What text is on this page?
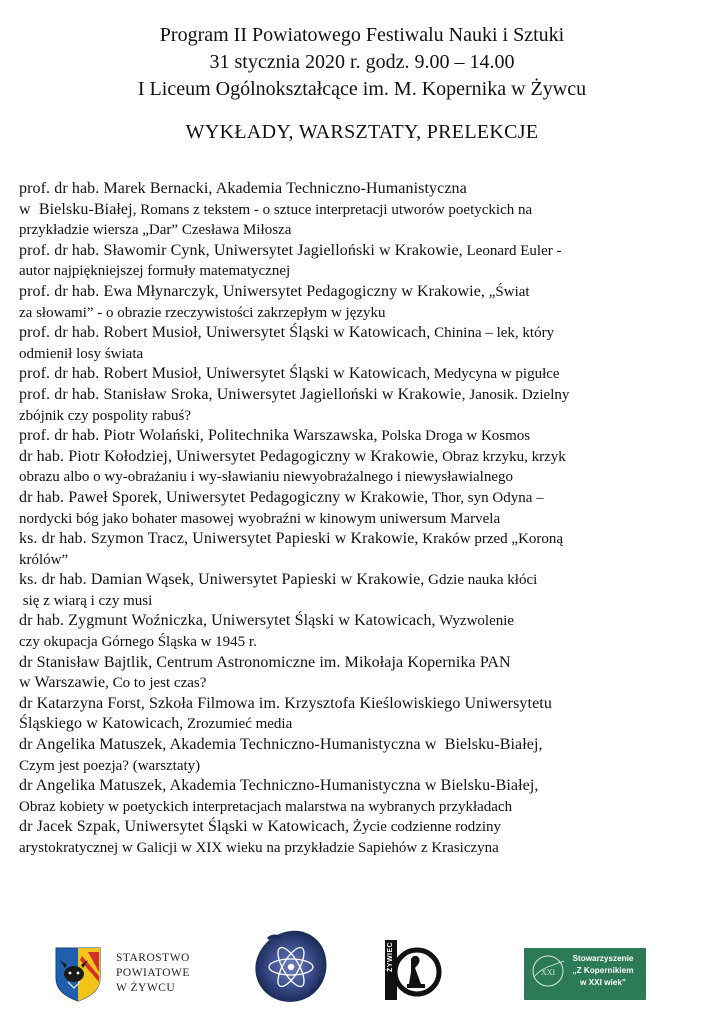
Program II Powiatowego Festiwalu Nauki i Sztuki
31 stycznia 2020 r. godz. 9.00 – 14.00
I Liceum Ogólnokształcące im. M. Kopernika w Żywcu
WYKŁADY, WARSZTATY, PRELEKCJE
prof. dr hab. Marek Bernacki, Akademia Techniczno-Humanistyczna
w  Bielsku-Białej, Romans z tekstem - o sztuce interpretacji utworów poetyckich na
przykładzie wiersza „Dar” Czesława Miłosza
prof. dr hab. Sławomir Cynk, Uniwersytet Jagielloński w Krakowie, Leonard Euler -
autor najpiękniejszej formuły matematycznej
prof. dr hab. Ewa Młynarczyk, Uniwersytet Pedagogiczny w Krakowie, „Świat
za słowami” - o obrazie rzeczywistości zakrzepłym w języku
prof. dr hab. Robert Musioł, Uniwersytet Śląski w Katowicach, Chinina – lek, który
odmienił losy świata
prof. dr hab. Robert Musioł, Uniwersytet Śląski w Katowicach, Medycyna w pigułce
prof. dr hab. Stanisław Sroka, Uniwersytet Jagielloński w Krakowie, Janosik. Dzielny
zbójnik czy pospolity rabuś?
prof. dr hab. Piotr Wolański, Politechnika Warszawska, Polska Droga w Kosmos
dr hab. Piotr Kołodziej, Uniwersytet Pedagogiczny w Krakowie, Obraz krzyku, krzyk
obrazu albo o wy-obrażaniu i wy-sławianiu niewyobrażalnego i niewysławialnego
dr hab. Paweł Sporek, Uniwersytet Pedagogiczny w Krakowie, Thor, syn Odyna –
nordycki bóg jako bohater masowej wyobraźni w kinowym uniwersum Marvela
ks. dr hab. Szymon Tracz, Uniwersytet Papieski w Krakowie, Kraków przed „Koroną
królów”
ks. dr hab. Damian Wąsek, Uniwersytet Papieski w Krakowie, Gdzie nauka kłóci
się z wiarą i czy musi
dr hab. Zygmunt Woźniczka, Uniwersytet Śląski w Katowicach, Wyzwolenie
czy okupacja Górnego Śląska w 1945 r.
dr Stanisław Bajtlik, Centrum Astronomiczne im. Mikołaja Kopernika PAN
w Warszawie, Co to jest czas?
dr Katarzyna Forst, Szkoła Filmowa im. Krzysztofa Kieślowiskiego Uniwersytetu
Śląskiego w Katowicach, Zrozumieć media
dr Angelika Matuszek, Akademia Techniczno-Humanistyczna w  Bielsku-Białej,
Czym jest poezja? (warsztaty)
dr Angelika Matuszek, Akademia Techniczno-Humanistyczna w Bielsku-Białej,
Obraz kobiety w poetyckich interpretacjach malarstwa na wybranych przykładach
dr Jacek Szpak, Uniwersytet Śląski w Katowicach, Życie codzienne rodziny
arystokratycznej w Galicji w XIX wieku na przykładzie Sapiehów z Krasiczyna
STAROSTWO
POWIATOWE
W ŻYWCU
ŻYWIEC
XXI
Stowarzyszenie
„Z Kopernikiem
w XXI wiek”
